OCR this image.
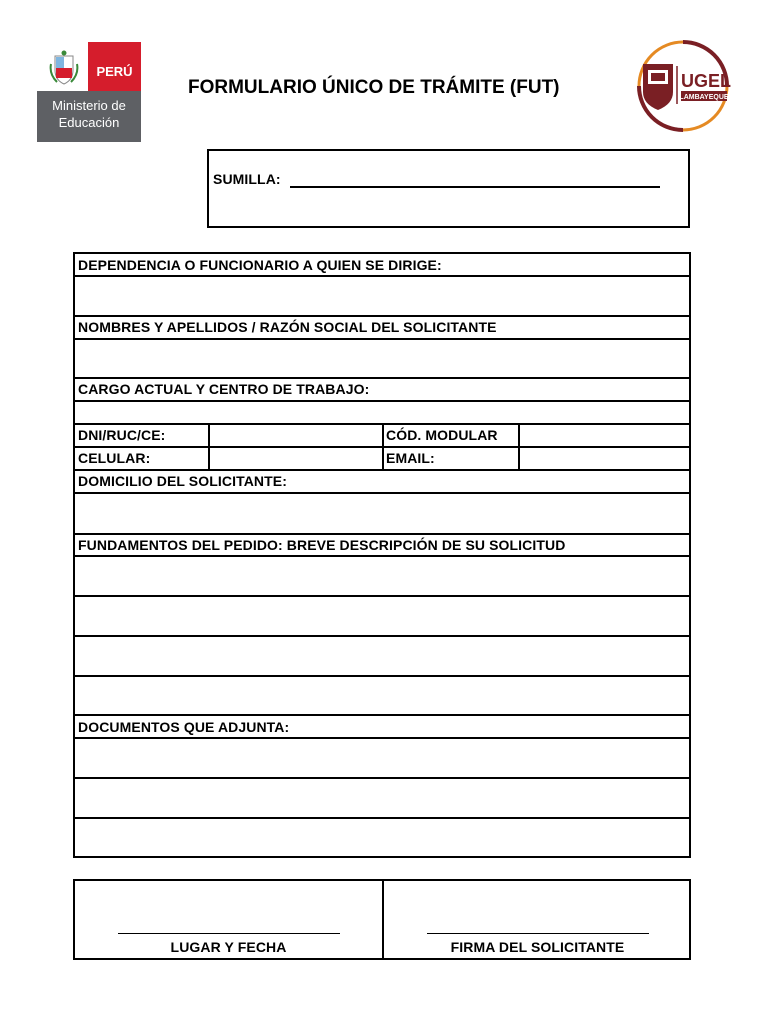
PERÚ
Ministerio de
Educación
FORMULARIO ÚNICO DE TRÁMITE (FUT)	UGEL
LAMBAYEQUE
SUMILLA:
DEPENDENCIA O FUNCIONARIO A QUIEN SE DIRIGE:
NOMBRES Y APELLIDOS / RAZÓN SOCIAL DEL SOLICITANTE
CARGO ACTUAL Y CENTRO DE TRABAJO:
DNI/RUC/CE:	CÓD. MODULAR
CELULAR:	EMAIL:
DOMICILIO DEL SOLICITANTE:
FUNDAMENTOS DEL PEDIDO: BREVE DESCRIPCIÓN DE SU SOLICITUD
DOCUMENTOS QUE ADJUNTA:
LUGAR Y FECHA	FIRMA DEL SOLICITANTE
